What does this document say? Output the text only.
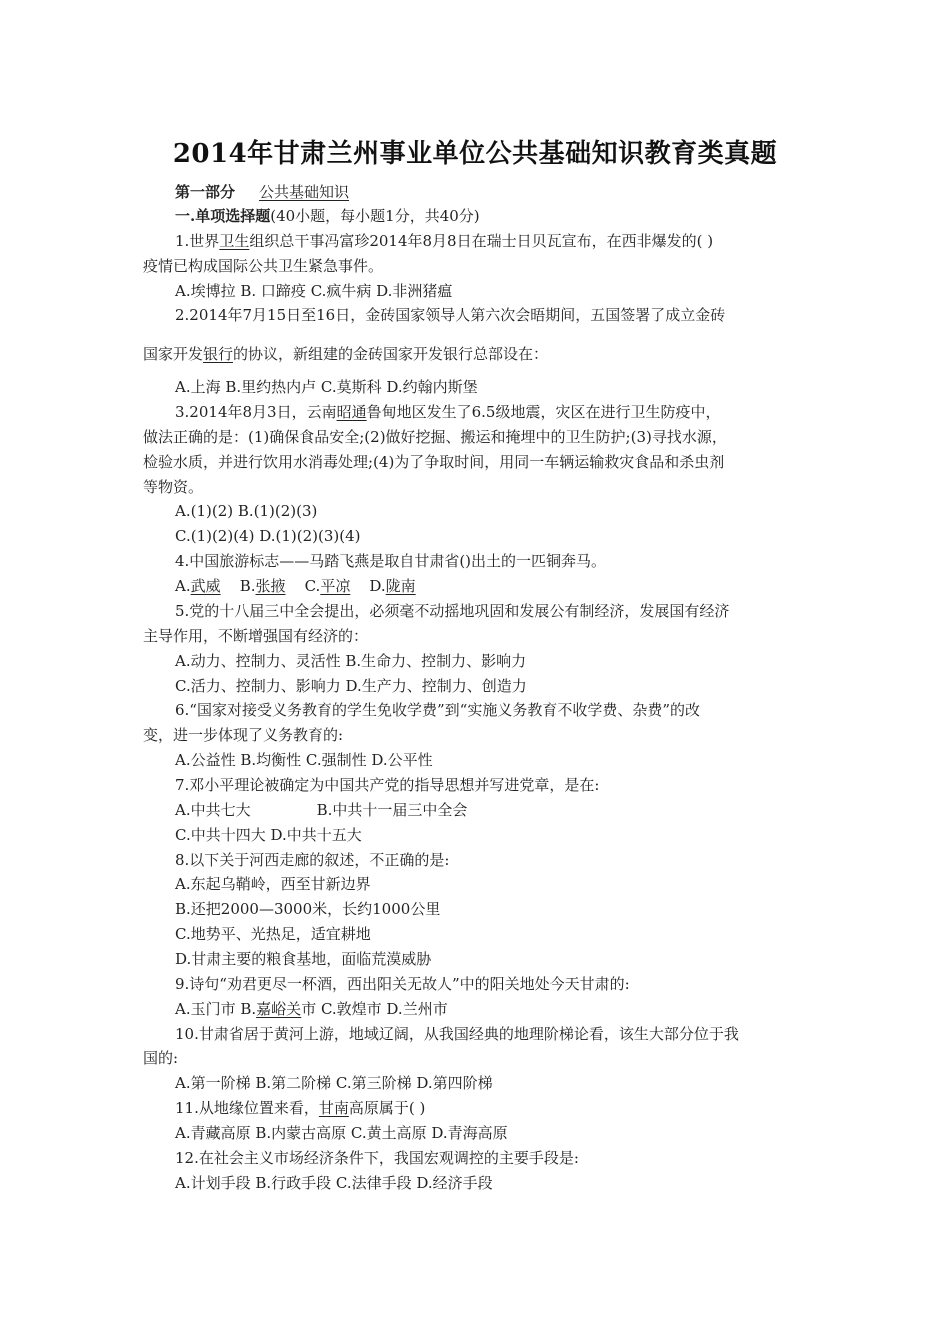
2014年甘肃兰州事业单位公共基础知识教育类真题
第一部分 公共基础知识
一.单项选择题(40小题，每小题1分，共40分)
1.世界卫生组织总干事冯富珍2014年8月8日在瑞士日贝瓦宣布，在西非爆发的( )
疫情已构成国际公共卫生紧急事件。
A.埃博拉 B. 口蹄疫 C.疯牛病 D.非洲猪瘟
2.2014年7月15日至16日，金砖国家领导人第六次会晤期间，五国签署了成立金砖
国家开发银行的协议，新组建的金砖国家开发银行总部设在：
A.上海 B.里约热内卢 C.莫斯科 D.约翰内斯堡
3.2014年8月3日，云南昭通鲁甸地区发生了6.5级地震，灾区在进行卫生防疫中，
做法正确的是：(1)确保食品安全;(2)做好挖掘、搬运和掩埋中的卫生防护;(3)寻找水源，
检验水质，并进行饮用水消毒处理;(4)为了争取时间，用同一车辆运输救灾食品和杀虫剂
等物资。
A.(1)(2) B.(1)(2)(3)
C.(1)(2)(4) D.(1)(2)(3)(4)
4.中国旅游标志——马踏飞燕是取自甘肃省()出土的一匹铜奔马。
A.武威 B.张掖 C.平凉 D.陇南
5.党的十八届三中全会提出，必须毫不动摇地巩固和发展公有制经济，发展国有经济
主导作用，不断增强国有经济的：
A.动力、控制力、灵活性 B.生命力、控制力、影响力
C.活力、控制力、影响力 D.生产力、控制力、创造力
6.“国家对接受义务教育的学生免收学费”到“实施义务教育不收学费、杂费”的改
变，进一步体现了义务教育的:
A.公益性 B.均衡性 C.强制性 D.公平性
7.邓小平理论被确定为中国共产党的指导思想并写进党章，是在:
A.中共七大	B.中共十一届三中全会
C.中共十四大 D.中共十五大
8.以下关于河西走廊的叙述，不正确的是:
A.东起乌鞘岭，西至甘新边界
B.还把2000—3000米，长约1000公里
C.地势平、光热足，适宜耕地
D.甘肃主要的粮食基地，面临荒漠威胁
9.诗句“劝君更尽一杯酒，西出阳关无故人”中的阳关地处今天甘肃的:
A.玉门市 B.嘉峪关市 C.敦煌市 D.兰州市
10.甘肃省居于黄河上游，地域辽阔，从我国经典的地理阶梯论看，该生大部分位于我
国的:
A.第一阶梯 B.第二阶梯 C.第三阶梯 D.第四阶梯
11.从地缘位置来看，甘南高原属于( )
A.青藏高原 B.内蒙古高原 C.黄土高原 D.青海高原
12.在社会主义市场经济条件下，我国宏观调控的主要手段是:
A.计划手段 B.行政手段 C.法律手段 D.经济手段
